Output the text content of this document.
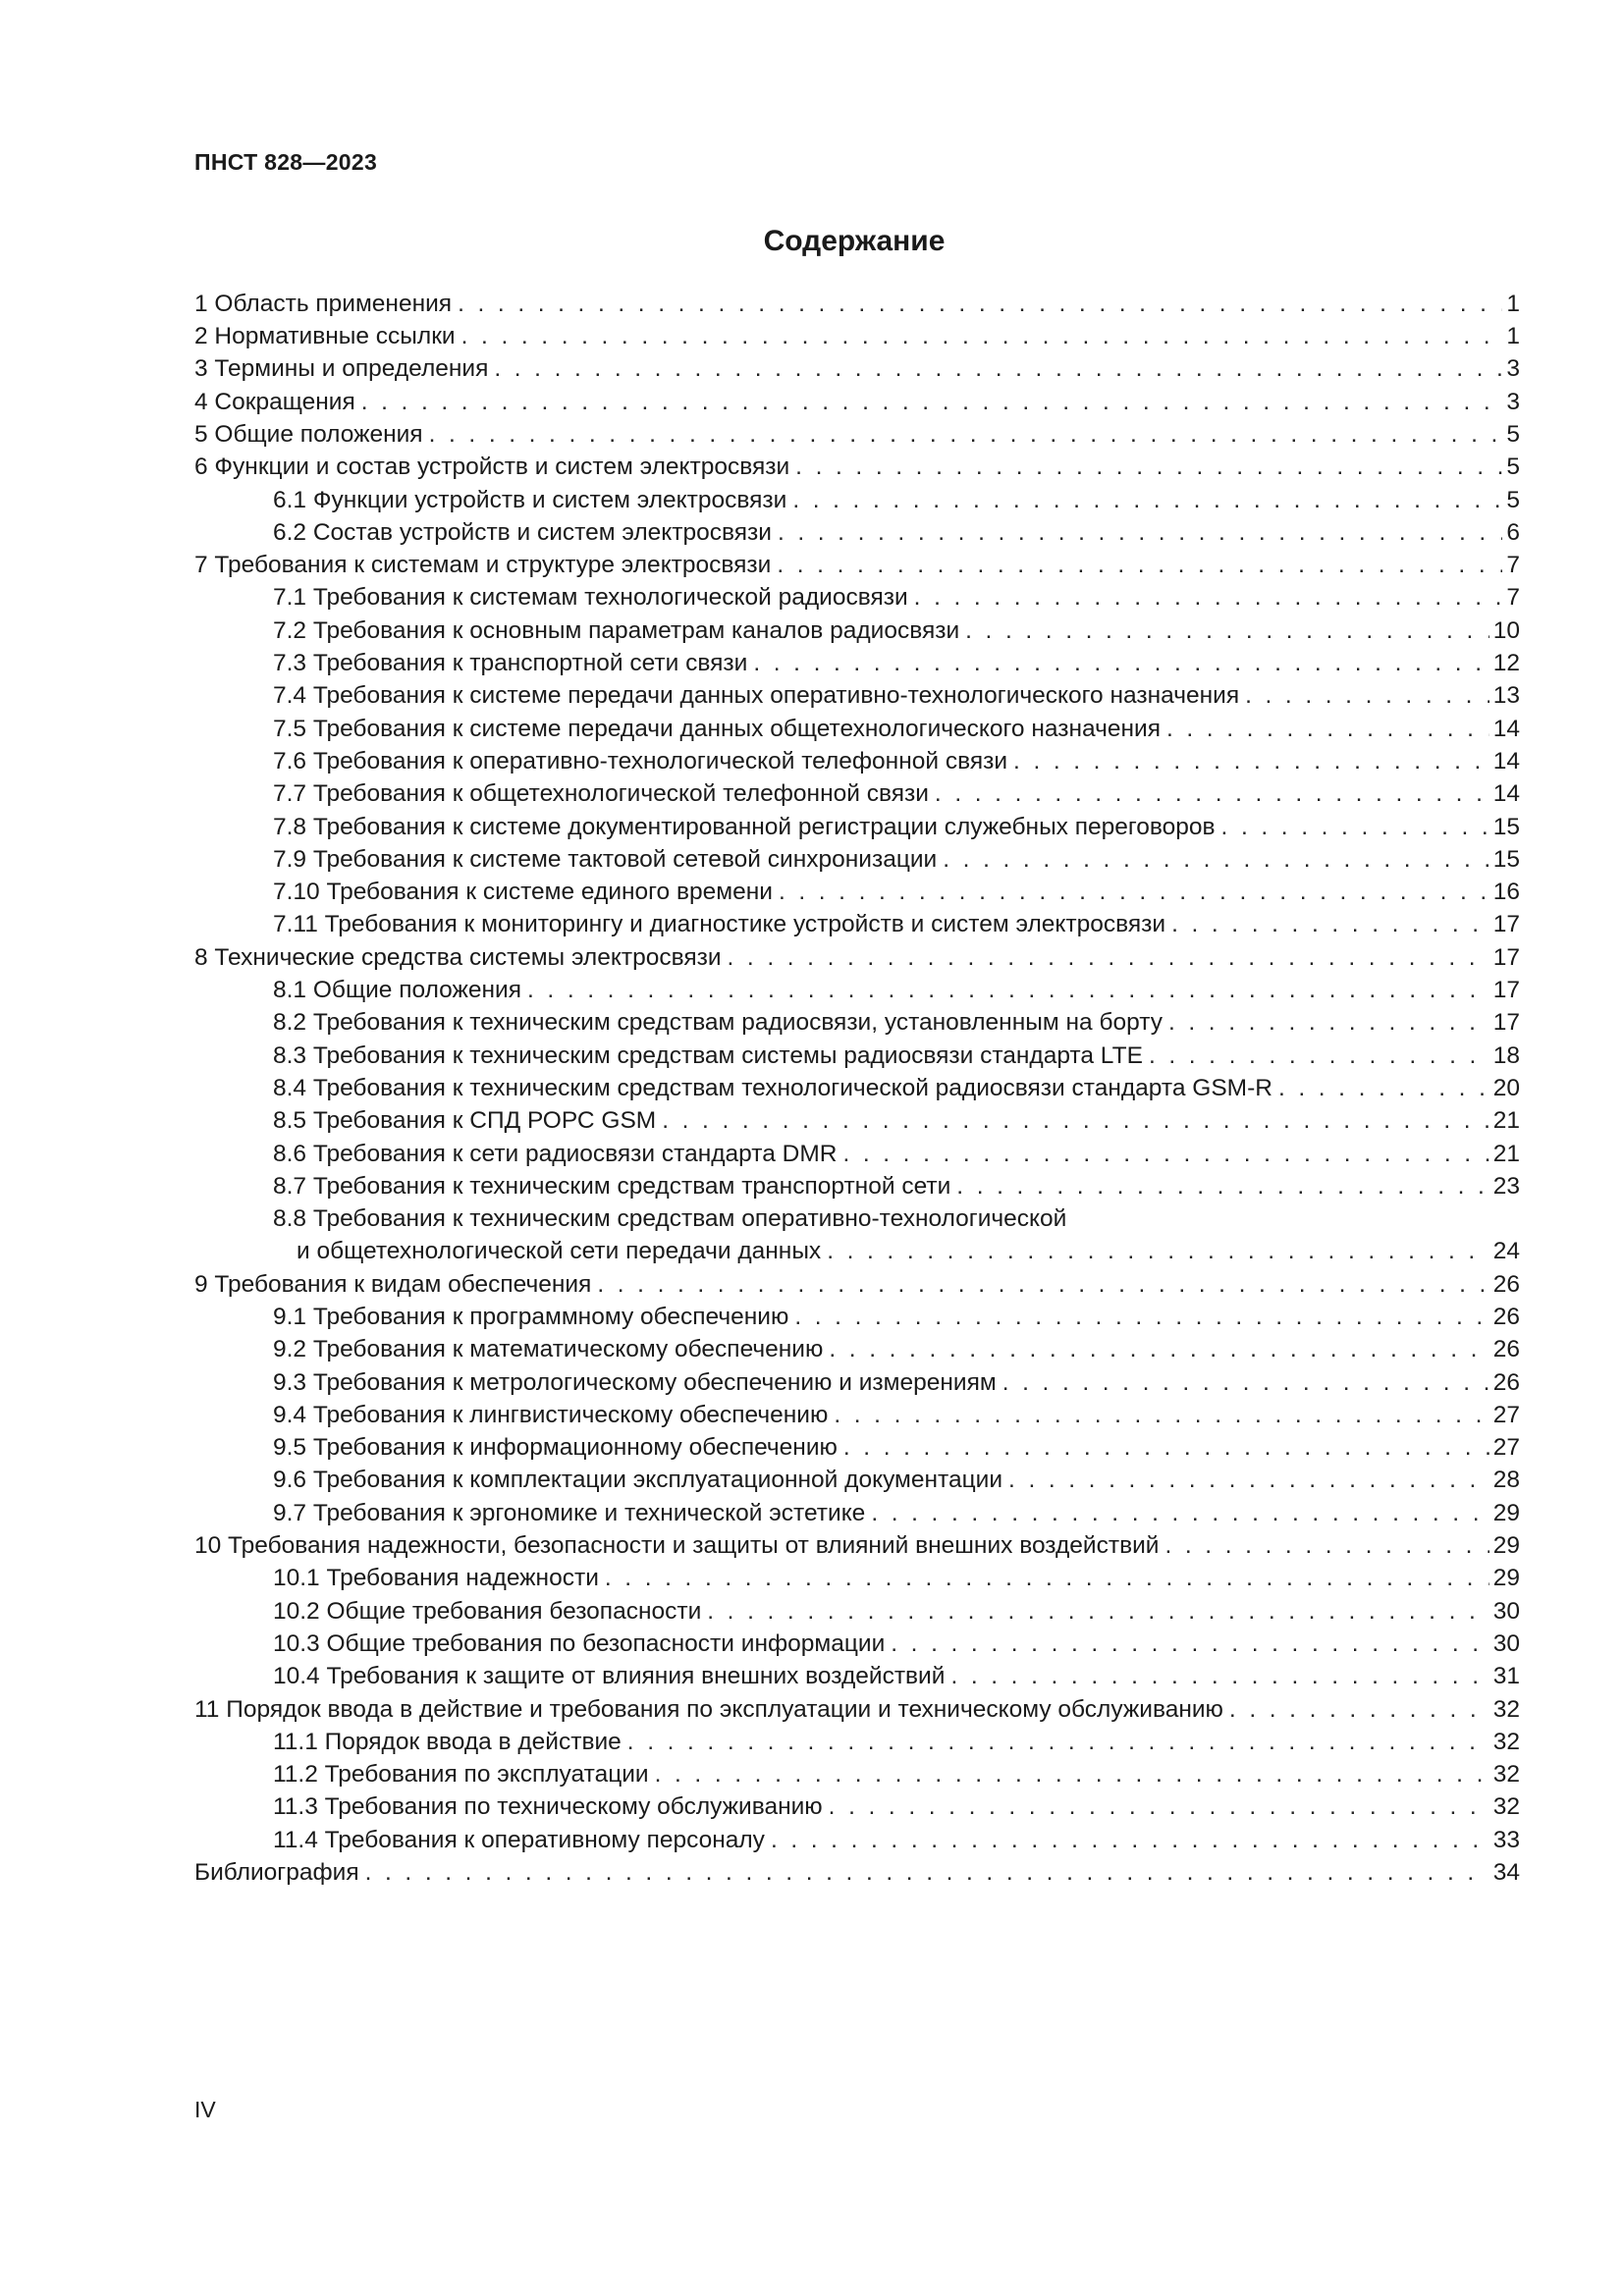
ПНСТ 828—2023
Содержание
1 Область применения . . .	1
2 Нормативные ссылки . . .	1
3 Термины и определения . . .	3
4 Сокращения . . .	3
5 Общие положения . . .	5
6 Функции и состав устройств и систем электросвязи . . .	5
6.1 Функции устройств и систем электросвязи . . .	5
6.2 Состав устройств и систем электросвязи . . .	6
7 Требования к системам и структуре электросвязи . . .	7
7.1 Требования к системам технологической радиосвязи . . .	7
7.2 Требования к основным параметрам каналов радиосвязи . . .	10
7.3 Требования к транспортной сети связи . . .	12
7.4 Требования к системе передачи данных оперативно-технологического назначения . . .	13
7.5 Требования к системе передачи данных общетехнологического назначения . . .	14
7.6 Требования к оперативно-технологической телефонной связи . . .	14
7.7 Требования к общетехнологической телефонной связи . . .	14
7.8 Требования к системе документированной регистрации служебных переговоров . . .	15
7.9 Требования к системе тактовой сетевой синхронизации . . .	15
7.10 Требования к системе единого времени . . .	16
7.11 Требования к мониторингу и диагностике устройств и систем электросвязи . . .	17
8 Технические средства системы электросвязи . . .	17
8.1 Общие положения . . .	17
8.2 Требования к техническим средствам радиосвязи, установленным на борту . . .	17
8.3 Требования к техническим средствам системы радиосвязи стандарта LTE . . .	18
8.4 Требования к техническим средствам технологической радиосвязи стандарта GSM-R . . .	20
8.5 Требования к СПД РОРС GSM . . .	21
8.6 Требования к сети радиосвязи стандарта DMR . . .	21
8.7 Требования к техническим средствам транспортной сети . . .	23
8.8 Требования к техническим средствам оперативно-технологической
и общетехнологической сети передачи данных . . .	24
9 Требования к видам обеспечения . . .	26
9.1 Требования к программному обеспечению . . .	26
9.2 Требования к математическому обеспечению . . .	26
9.3 Требования к метрологическому обеспечению и измерениям . . .	26
9.4 Требования к лингвистическому обеспечению . . .	27
9.5 Требования к информационному обеспечению . . .	27
9.6 Требования к комплектации эксплуатационной документации . . .	28
9.7 Требования к эргономике и технической эстетике . . .	29
10 Требования надежности, безопасности и защиты от влияний внешних воздействий . . .	29
10.1 Требования надежности . . .	29
10.2 Общие требования безопасности . . .	30
10.3 Общие требования по безопасности информации . . .	30
10.4 Требования к защите от влияния внешних воздействий . . .	31
11 Порядок ввода в действие и требования по эксплуатации и техническому обслуживанию . . .	32
11.1 Порядок ввода в действие . . .	32
11.2 Требования по эксплуатации . . .	32
11.3 Требования по техническому обслуживанию . . .	32
11.4 Требования к оперативному персоналу . . .	33
Библиография . . .	34
IV
